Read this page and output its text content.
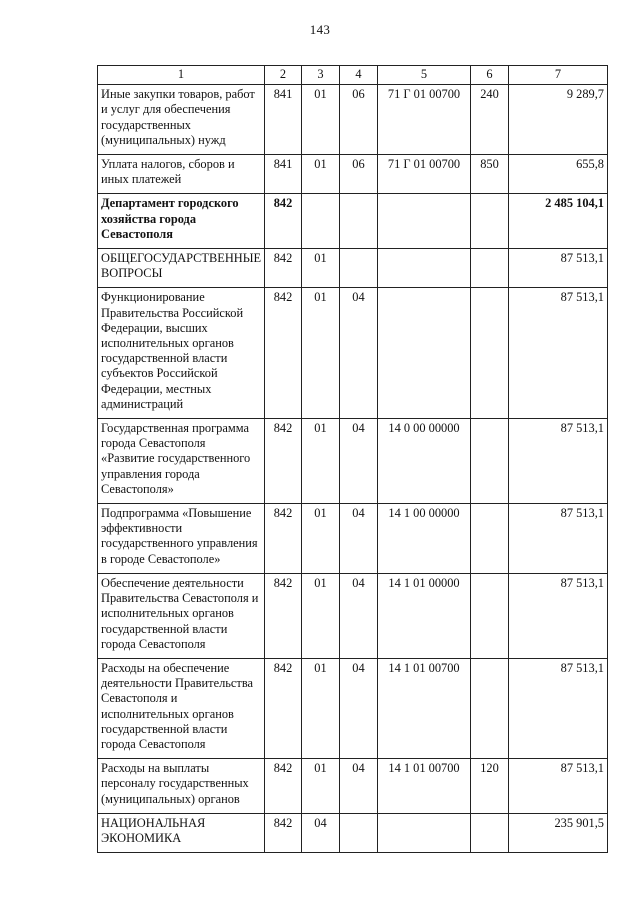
143
1	2	3	4	5	6	7
Иные закупки товаров, работ и услуг для обеспечения государственных (муниципальных) нужд	841	01	06	71 Г 01 00700	240	9 289,7
Уплата налогов, сборов и иных платежей	841	01	06	71 Г 01 00700	850	655,8
Департамент городского хозяйства города Севастополя	842					2 485 104,1
ОБЩЕГОСУДАРСТВЕННЫЕ ВОПРОСЫ	842	01				87 513,1
Функционирование Правительства Российской Федерации, высших исполнительных органов государственной власти субъектов Российской Федерации, местных администраций	842	01	04			87 513,1
Государственная программа города Севастополя «Развитие государственного управления города Севастополя»	842	01	04	14 0 00 00000		87 513,1
Подпрограмма «Повышение эффективности государственного управления в городе Севастополе»	842	01	04	14 1 00 00000		87 513,1
Обеспечение деятельности Правительства Севастополя и исполнительных органов государственной власти города Севастополя	842	01	04	14 1 01 00000		87 513,1
Расходы на обеспечение деятельности Правительства Севастополя и исполнительных органов государственной власти города Севастополя	842	01	04	14 1 01 00700		87 513,1
Расходы на выплаты персоналу государственных (муниципальных) органов	842	01	04	14 1 01 00700	120	87 513,1
НАЦИОНАЛЬНАЯ ЭКОНОМИКА	842	04				235 901,5
